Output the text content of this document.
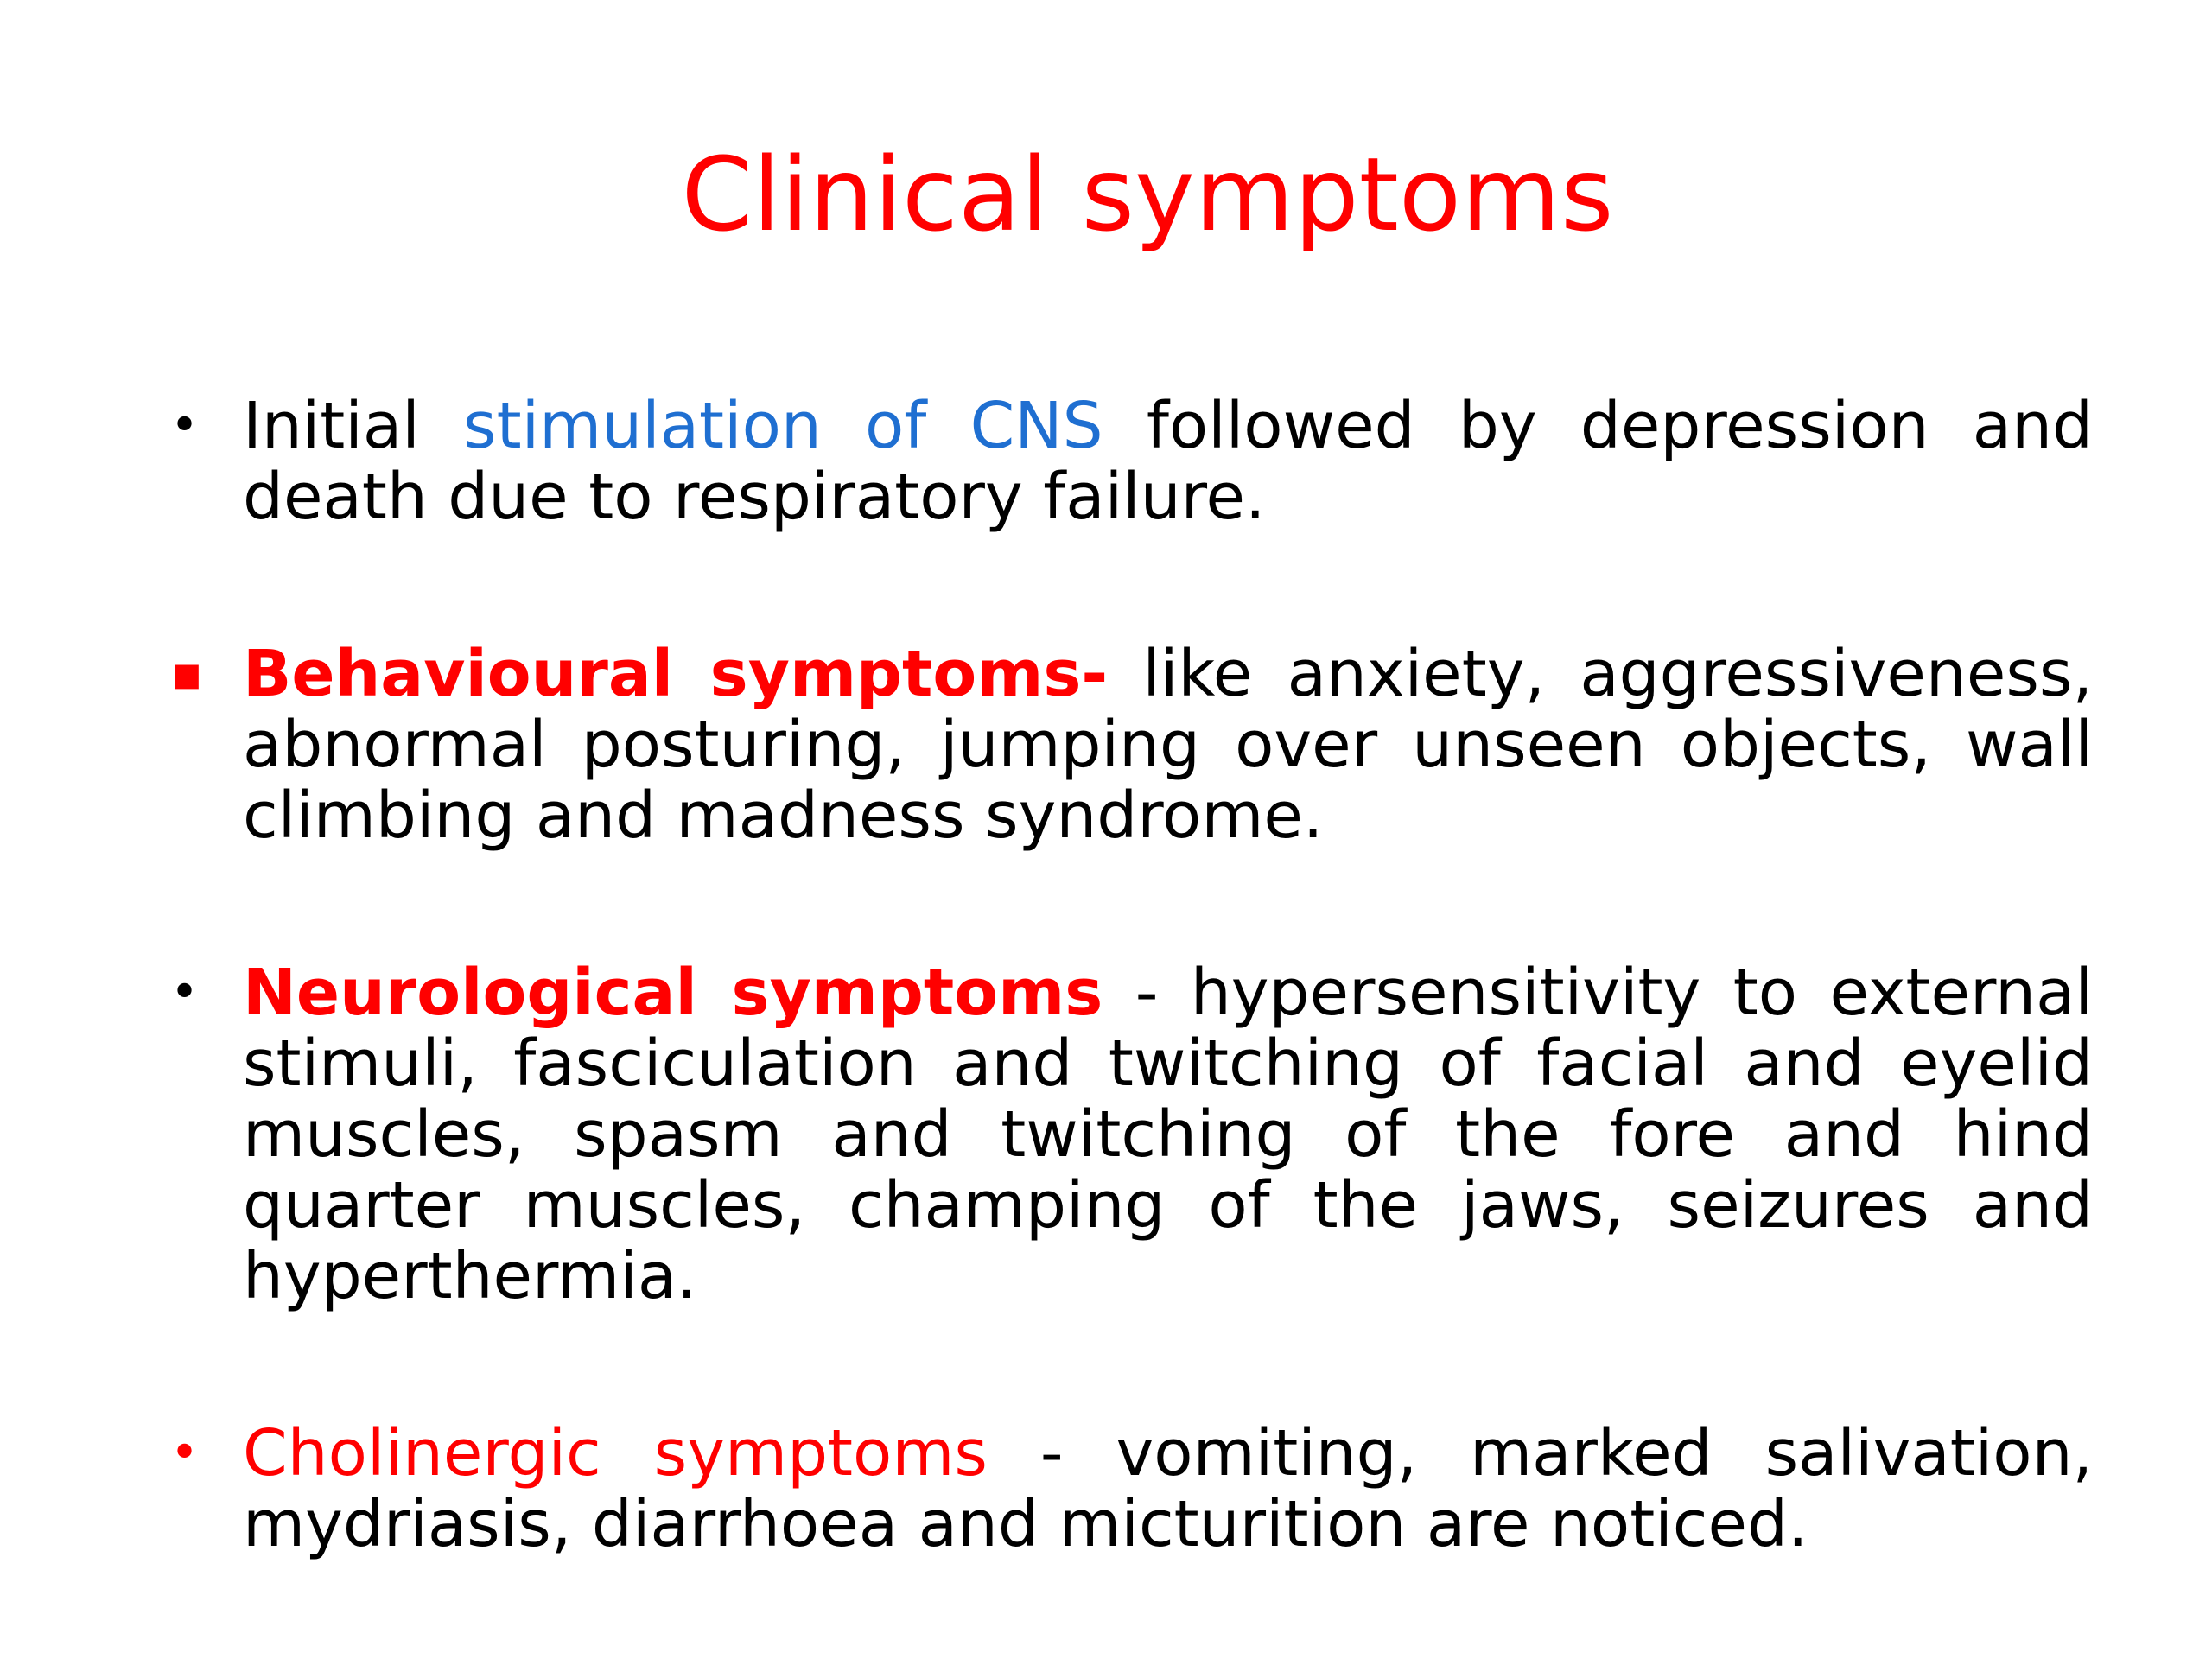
Clinical symptoms

• Initial stimulation of CNS followed by depression and death due to respiratory failure.

▪ Behavioural symptoms- like anxiety, aggressiveness, abnormal posturing, jumping over unseen objects, wall climbing and madness syndrome.

• Neurological symptoms - hypersensitivity to external stimuli, fasciculation and twitching of facial and eyelid muscles, spasm and twitching of the fore and hind quarter muscles, champing of the jaws, seizures and hyperthermia.

• Cholinergic symptoms - vomiting, marked salivation, mydriasis, diarrhoea and micturition are noticed.
